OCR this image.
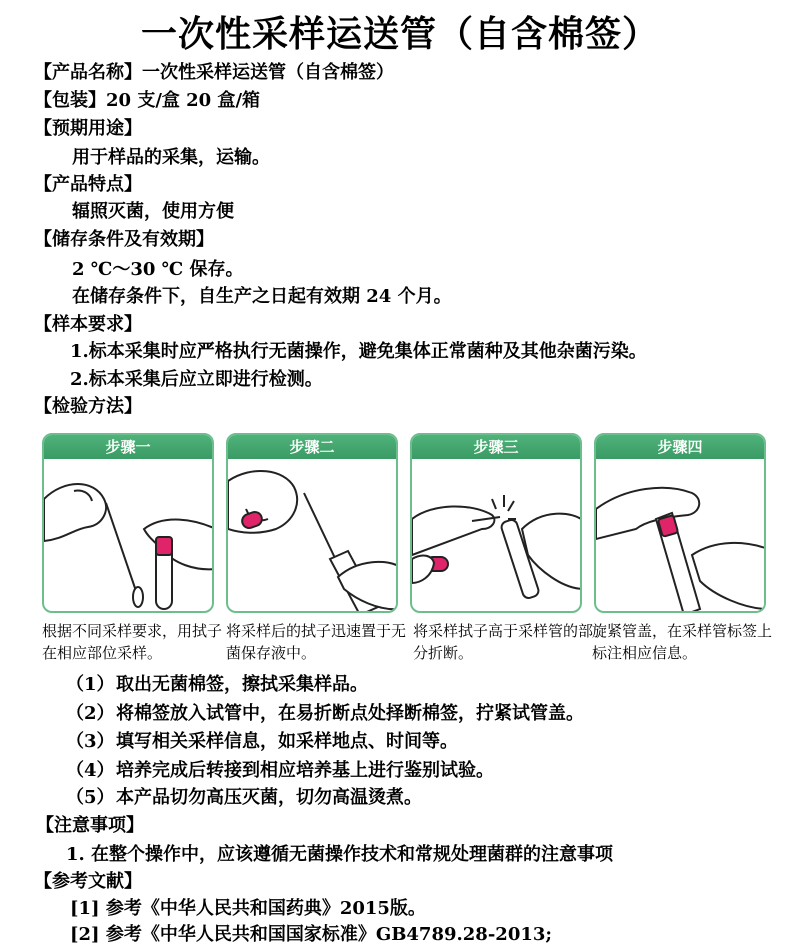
一次性采样运送管（自含棉签）
【产品名称】一次性采样运送管（自含棉签）
【包装】20 支/盒 20 盒/箱
【预期用途】
用于样品的采集，运输。
【产品特点】
辐照灭菌，使用方便
【储存条件及有效期】
2 ℃～30 ℃ 保存。
在储存条件下，自生产之日起有效期 24 个月。
【样本要求】
1.标本采集时应严格执行无菌操作，避免集体正常菌种及其他杂菌污染。
2.标本采集后应立即进行检测。
【检验方法】
步骤一	步骤二	步骤三	步骤四
根据不同采样要求，用拭子在相应部位采样。
将采样后的拭子迅速置于无菌保存液中。
将采样拭子高于采样管的部分折断。
旋紧管盖，在采样管标签上标注相应信息。
（1）取出无菌棉签，擦拭采集样品。
（2）将棉签放入试管中，在易折断点处择断棉签，拧紧试管盖。
（3）填写相关采样信息，如采样地点、时间等。
（4）培养完成后转接到相应培养基上进行鉴别试验。
（5）本产品切勿高压灭菌，切勿高温烫煮。
【注意事项】
1. 在整个操作中，应该遵循无菌操作技术和常规处理菌群的注意事项
【参考文献】
[1] 参考《中华人民共和国药典》2015版。
[2] 参考《中华人民共和国国家标准》GB4789.28-2013;
